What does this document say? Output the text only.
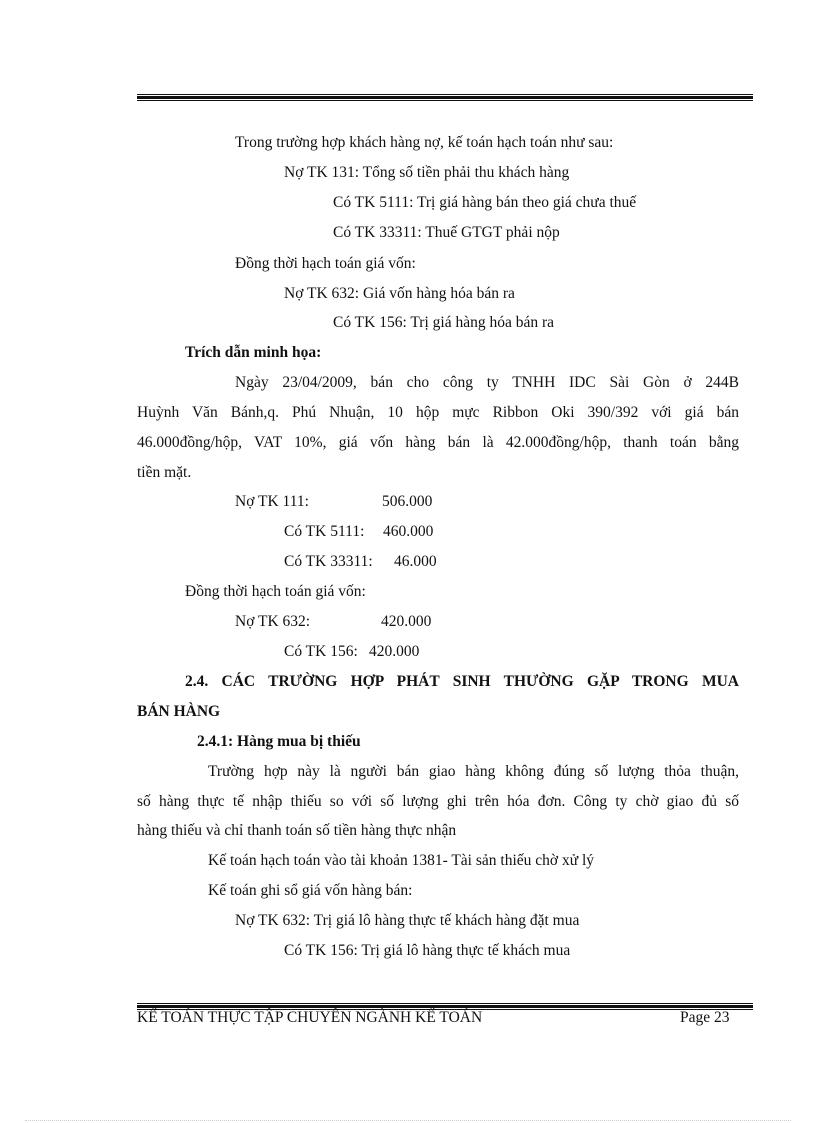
Trong trường hợp khách hàng nợ, kế toán hạch toán như sau:
Nợ TK 131: Tổng số tiền phải thu khách hàng
Có TK 5111: Trị giá hàng bán theo giá chưa thuế
Có TK 33311: Thuế GTGT phải nộp
Đồng thời hạch toán giá vốn:
Nợ TK 632: Giá vốn hàng hóa bán ra
Có TK 156: Trị giá hàng hóa bán ra
Trích dẫn minh họa:
Ngày 23/04/2009, bán cho công ty TNHH IDC Sài Gòn ở 244B
Huỳnh Văn Bánh,q. Phú Nhuận, 10 hộp mực Ribbon Oki 390/392 với giá bán
46.000đồng/hộp, VAT 10%, giá vốn hàng bán là 42.000đồng/hộp, thanh toán bằng
tiền mặt.
Nợ TK 111:	506.000
Có TK 5111: 460.000
Có TK 33311: 46.000
Đồng thời hạch toán giá vốn:
Nợ TK 632:	420.000
Có TK 156: 420.000
2.4. CÁC TRƯỜNG HỢP PHÁT SINH THƯỜNG GẶP TRONG MUA
BÁN HÀNG
2.4.1: Hàng mua bị thiếu
Trường hợp này là người bán giao hàng không đúng số lượng thỏa thuận,
số hàng thực tế nhập thiếu so với số lượng ghi trên hóa đơn. Công ty chờ giao đủ số
hàng thiếu và chỉ thanh toán số tiền hàng thực nhận
Kế toán hạch toán vào tài khoản 1381- Tài sản thiếu chờ xử lý
Kế toán ghi sổ giá vốn hàng bán:
Nợ TK 632: Trị giá lô hàng thực tế khách hàng đặt mua
Có TK 156: Trị giá lô hàng thực tế khách mua
KẾ TOÁN THỰC TẬP CHUYÊN NGÀNH KẾ TOÁN	Page 23
